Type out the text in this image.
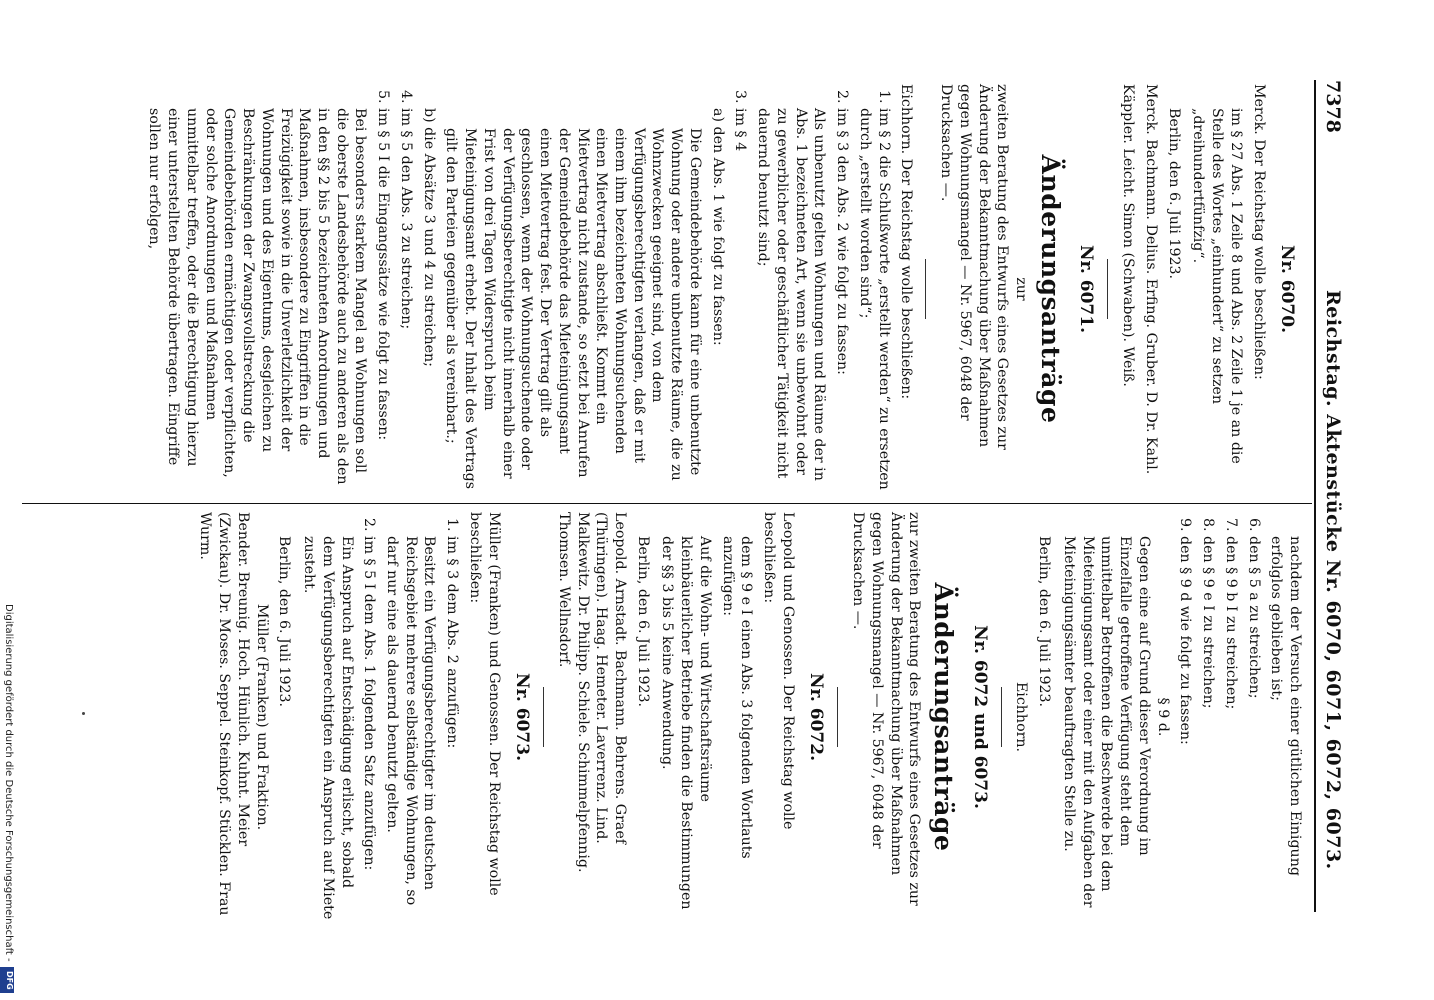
7378
Reichstag. Aktenstücke Nr. 6070, 6071, 6072, 6073.
Nr. 6070.

Merck. Der Reichstag wolle beschließen:

im § 27 Abs. 1 Zeile 8 und Abs. 2 Zeile 1 je an die Stelle des Wortes „einhundert“ zu setzen „dreihundertfünfzig“.

Berlin, den 6. Juli 1923.

Merck. Bachmann. Delius. Erfing. Gruber. D. Dr. Kahl.

Käppler. Leicht. Simon (Schwaben). Weiß.

Nr. 6071.
Änderungsanträge
zur

zweiten Beratung des Entwurfs eines Gesetzes zur Änderung der Bekanntmachung über Maßnahmen gegen Wohnungsmangel — Nr. 5967, 6048 der Drucksachen —.

Eichhorn. Der Reichstag wolle beschließen:

1. im § 2 die Schlußworte „erstellt werden“ zu ersetzen durch „erstellt worden sind“;

2. im § 3 den Abs. 2 wie folgt zu fassen:

Als unbenutzt gelten Wohnungen und Räume der in Abs. 1 bezeichneten Art, wenn sie unbewohnt oder zu gewerblicher oder geschäftlicher Tätigkeit nicht dauernd benutzt sind;

3. im § 4

a) den Abs. 1 wie folgt zu fassen:

Die Gemeindebehörde kann für eine unbenutzte Wohnung oder andere unbenutzte Räume, die zu Wohnzwecken geeignet sind, von dem Verfügungsberechtigten verlangen, daß er mit einem ihm bezeichneten Wohnungsuchenden einen Mietvertrag abschließt. Kommt ein Mietvertrag nicht zustande, so setzt bei Anrufen der Gemeindebehörde das Mieteinigungsamt einen Mietvertrag fest. Der Vertrag gilt als geschlossen, wenn der Wohnungsuchende oder der Verfügungsberechtigte nicht innerhalb einer Frist von drei Tagen Widerspruch beim Mieteinigungsamt erhebt. Der Inhalt des Vertrags gilt den Parteien gegenüber als vereinbart.;

b) die Absätze 3 und 4 zu streichen;

4. im § 5 den Abs. 3 zu streichen;

5. im § 5 I die Eingangssätze wie folgt zu fassen:

Bei besonders starkem Mangel an Wohnungen soll die oberste Landesbehörde auch zu anderen als den in den §§ 2 bis 5 bezeichneten Anordnungen und Maßnahmen, insbesondere zu Eingriffen in die Freizügigkeit sowie in die Unverletzlichkeit der Wohnungen und des Eigentums, desgleichen zu Beschränkungen der Zwangsvollstreckung die Gemeindebehörden ermächtigen oder verpflichten, oder solche Anordnungen und Maßnahmen unmittelbar treffen, oder die Berechtigung hierzu einer unterstellten Behörde übertragen. Eingriffe sollen nur erfolgen,

nachdem der Versuch einer gütlichen Einigung erfolglos geblieben ist;

6. den § 5 a zu streichen;

7. den § 9 b I zu streichen;

8. den § 9 e I zu streichen;

9. den § 9 d wie folgt zu fassen:

§ 9 d.

Gegen eine auf Grund dieser Verordnung im Einzelfalle getroffene Verfügung steht dem unmittelbar Betroffenen die Beschwerde bei dem Mieteinigungsamt oder einer mit den Aufgaben der Mieteinigungsämter beauftragten Stelle zu.

Berlin, den 6. Juli 1923.

Eichhorn.
Nr. 6072 und 6073.
Änderungsanträge

zur zweiten Beratung des Entwurfs eines Gesetzes zur Änderung der Bekanntmachung über Maßnahmen gegen Wohnungsmangel — Nr. 5967, 6048 der Drucksachen —.

Nr. 6072.

Leopold und Genossen. Der Reichstag wolle beschließen:

dem § 9 e I einen Abs. 3 folgenden Wortlauts anzufügen:

Auf die Wohn- und Wirtschaftsräume kleinbäuerlicher Betriebe finden die Bestimmungen der §§ 3 bis 5 keine Anwendung.

Berlin, den 6. Juli 1923.

Leopold. Arnstadt. Bachmann. Behrens. Graef (Thüringen). Haag. Hemeter. Laverrenz. Lind. Malkewitz. Dr. Philipp. Schiele. Schimmelpfennig. Thomsen. Wellnsdorf.

Nr. 6073.

Müller (Franken) und Genossen. Der Reichstag wolle beschließen:

1. im § 3 dem Abs. 2 anzufügen:

Besitzt ein Verfügungsberechtigter im deutschen Reichsgebiet mehrere selbständige Wohnungen, so darf nur eine als dauernd benutzt gelten.

2. im § 5 I dem Abs. 1 folgenden Satz anzufügen:

Ein Anspruch auf Entschädigung erlischt, sobald dem Verfügungsberechtigten ein Anspruch auf Miete zusteht.

Berlin, den 6. Juli 1923.

Müller (Franken) und Fraktion.

Bender. Breunig. Hoch. Hünlich. Kuhnt. Meier (Zwickau). Dr. Moses. Seppel. Steinkopf. Stücklen. Frau Wurm.

Digitalisierung gefördert durch die Deutsche Forschungsgemeinschaft -
DFG
